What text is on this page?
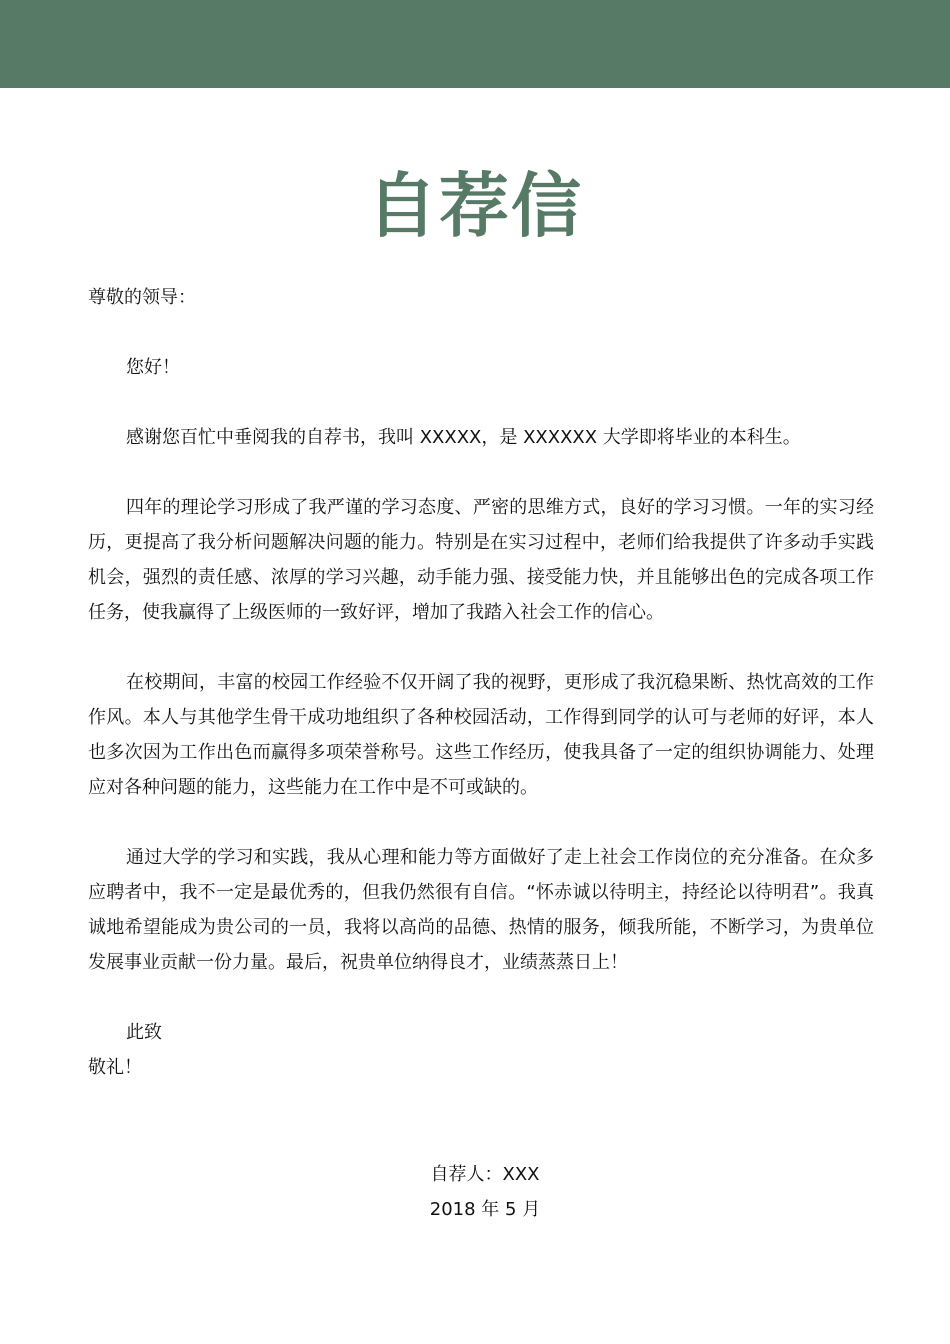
自荐信

尊敬的领导：

您好！

感谢您百忙中垂阅我的自荐书，我叫 XXXXX，是 XXXXXX 大学即将毕业的本科生。

四年的理论学习形成了我严谨的学习态度、严密的思维方式，良好的学习习惯。一年的实习经历，更提高了我分析问题解决问题的能力。特别是在实习过程中，老师们给我提供了许多动手实践机会，强烈的责任感、浓厚的学习兴趣，动手能力强、接受能力快，并且能够出色的完成各项工作任务，使我赢得了上级医师的一致好评，增加了我踏入社会工作的信心。

在校期间，丰富的校园工作经验不仅开阔了我的视野，更形成了我沉稳果断、热忱高效的工作作风。本人与其他学生骨干成功地组织了各种校园活动，工作得到同学的认可与老师的好评，本人也多次因为工作出色而赢得多项荣誉称号。这些工作经历，使我具备了一定的组织协调能力、处理应对各种问题的能力，这些能力在工作中是不可或缺的。

通过大学的学习和实践，我从心理和能力等方面做好了走上社会工作岗位的充分准备。在众多应聘者中，我不一定是最优秀的，但我仍然很有自信。“怀赤诚以待明主，持经论以待明君”。我真诚地希望能成为贵公司的一员，我将以高尚的品德、热情的服务，倾我所能，不断学习，为贵单位发展事业贡献一份力量。最后，祝贵单位纳得良才，业绩蒸蒸日上！

此致

敬礼！

自荐人：XXX
2018 年 5 月
